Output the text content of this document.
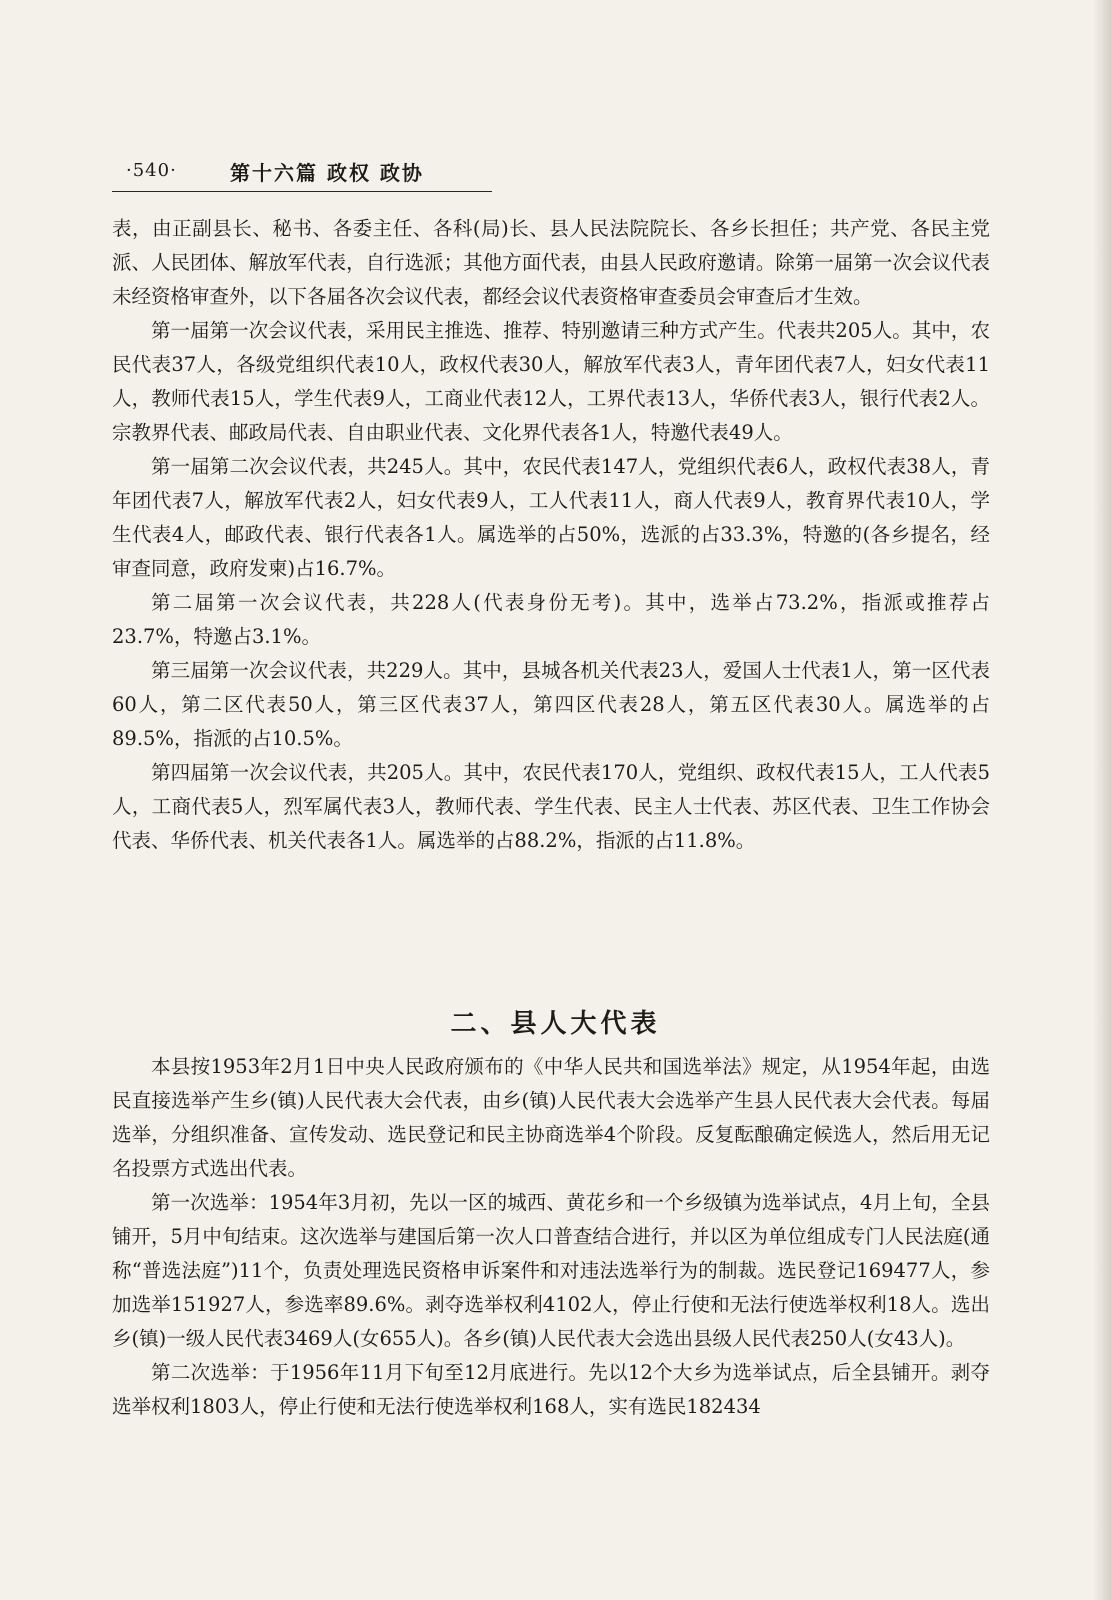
·540·	第十六篇 政权 政协

表，由正副县长、秘书、各委主任、各科(局)长、县人民法院院长、各乡长担任；共产党、各民主党派、人民团体、解放军代表，自行选派；其他方面代表，由县人民政府邀请。除第一届第一次会议代表未经资格审查外，以下各届各次会议代表，都经会议代表资格审查委员会审查后才生效。

第一届第一次会议代表，采用民主推选、推荐、特别邀请三种方式产生。代表共205人。其中，农民代表37人，各级党组织代表10人，政权代表30人，解放军代表3人，青年团代表7人，妇女代表11人，教师代表15人，学生代表9人，工商业代表12人，工界代表13人，华侨代表3人，银行代表2人。宗教界代表、邮政局代表、自由职业代表、文化界代表各1人，特邀代表49人。

第一届第二次会议代表，共245人。其中，农民代表147人，党组织代表6人，政权代表38人，青年团代表7人，解放军代表2人，妇女代表9人，工人代表11人，商人代表9人，教育界代表10人，学生代表4人，邮政代表、银行代表各1人。属选举的占50%，选派的占33.3%，特邀的(各乡提名，经审查同意，政府发柬)占16.7%。

第二届第一次会议代表，共228人(代表身份无考)。其中，选举占73.2%，指派或推荐占23.7%，特邀占3.1%。

第三届第一次会议代表，共229人。其中，县城各机关代表23人，爱国人士代表1人，第一区代表60人，第二区代表50人，第三区代表37人，第四区代表28人，第五区代表30人。属选举的占89.5%，指派的占10.5%。

第四届第一次会议代表，共205人。其中，农民代表170人，党组织、政权代表15人，工人代表5人，工商代表5人，烈军属代表3人，教师代表、学生代表、民主人士代表、苏区代表、卫生工作协会代表、华侨代表、机关代表各1人。属选举的占88.2%，指派的占11.8%。

二、县人大代表

本县按1953年2月1日中央人民政府颁布的《中华人民共和国选举法》规定，从1954年起，由选民直接选举产生乡(镇)人民代表大会代表，由乡(镇)人民代表大会选举产生县人民代表大会代表。每届选举，分组织准备、宣传发动、选民登记和民主协商选举4个阶段。反复酝酿确定候选人，然后用无记名投票方式选出代表。

第一次选举：1954年3月初，先以一区的城西、黄花乡和一个乡级镇为选举试点，4月上旬，全县铺开，5月中旬结束。这次选举与建国后第一次人口普查结合进行，并以区为单位组成专门人民法庭(通称“普选法庭”)11个，负责处理选民资格申诉案件和对违法选举行为的制裁。选民登记169477人，参加选举151927人，参选率89.6%。剥夺选举权利4102人，停止行使和无法行使选举权利18人。选出乡(镇)一级人民代表3469人(女655人)。各乡(镇)人民代表大会选出县级人民代表250人(女43人)。

第二次选举：于1956年11月下旬至12月底进行。先以12个大乡为选举试点，后全县铺开。剥夺选举权利1803人，停止行使和无法行使选举权利168人，实有选民182434
